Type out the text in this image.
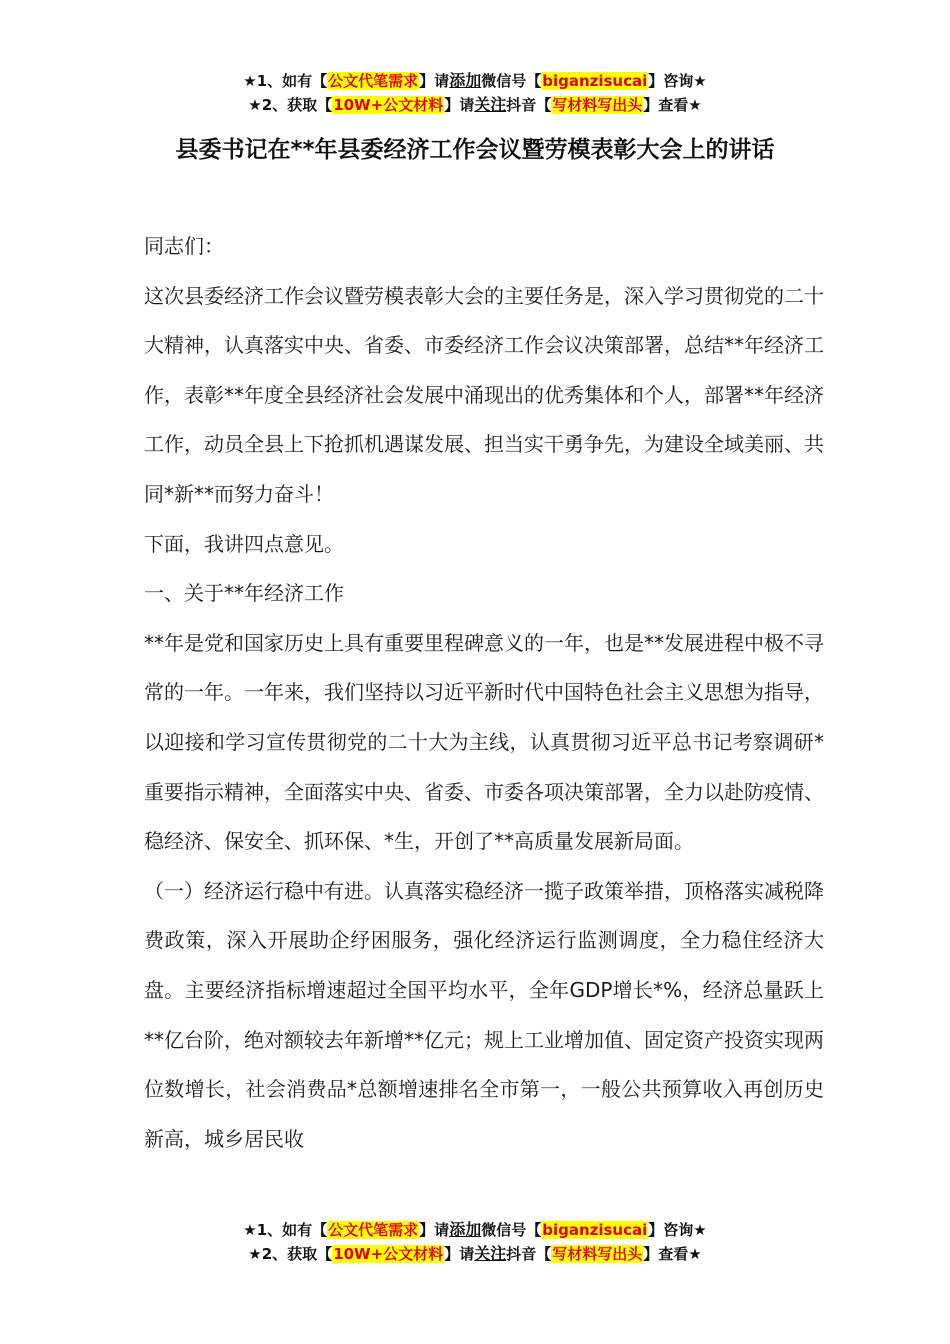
★1、如有【公文代笔需求】请添加微信号【biganzisucai】咨询★
★2、获取【10W+公文材料】请关注抖音【写材料写出头】查看★
县委书记在**年县委经济工作会议暨劳模表彰大会上的讲话

同志们：

这次县委经济工作会议暨劳模表彰大会的主要任务是，深入学习贯彻党的二十大精神，认真落实中央、省委、市委经济工作会议决策部署，总结**年经济工作，表彰**年度全县经济社会发展中涌现出的优秀集体和个人，部署**年经济工作，动员全县上下抢抓机遇谋发展、担当实干勇争先，为建设全域美丽、共同*新**而努力奋斗！

下面，我讲四点意见。

一、关于**年经济工作

**年是党和国家历史上具有重要里程碑意义的一年，也是**发展进程中极不寻常的一年。一年来，我们坚持以习近平新时代中国特色社会主义思想为指导，以迎接和学习宣传贯彻党的二十大为主线，认真贯彻习近平总书记考察调研*重要指示精神，全面落实中央、省委、市委各项决策部署，全力以赴防疫情、稳经济、保安全、抓环保、*生，开创了**高质量发展新局面。

（一）经济运行稳中有进。认真落实稳经济一揽子政策举措，顶格落实减税降费政策，深入开展助企纾困服务，强化经济运行监测调度，全力稳住经济大盘。主要经济指标增速超过全国平均水平，全年GDP增长*%，经济总量跃上**亿台阶，绝对额较去年新增**亿元；规上工业增加值、固定资产投资实现两位数增长，社会消费品*总额增速排名全市第一，一般公共预算收入再创历史新高，城乡居民收

★1、如有【公文代笔需求】请添加微信号【biganzisucai】咨询★
★2、获取【10W+公文材料】请关注抖音【写材料写出头】查看★
